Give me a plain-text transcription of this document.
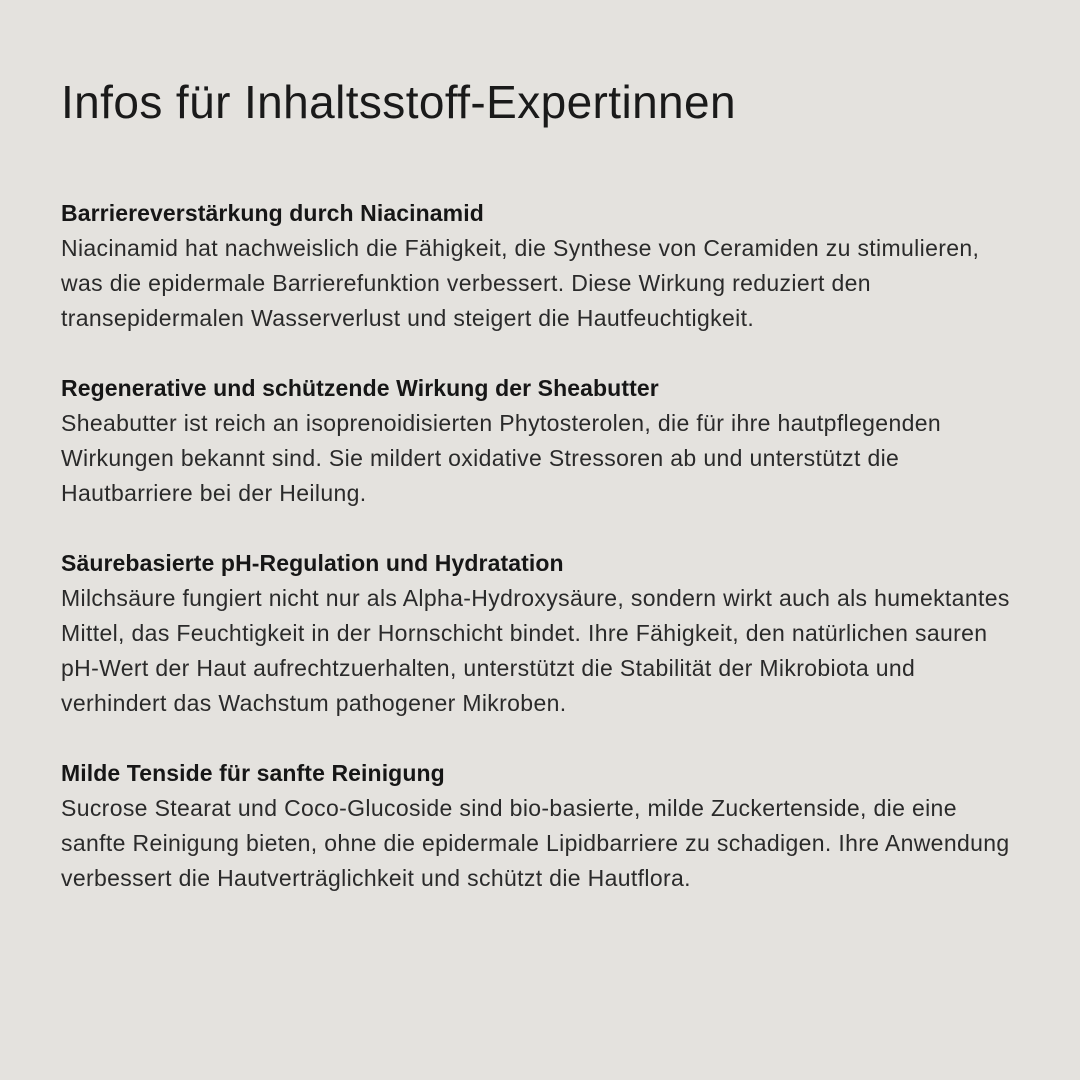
Infos für Inhaltsstoff-Expertinnen
Barriereverstärkung durch Niacinamid

Niacinamid hat nachweislich die Fähigkeit, die Synthese von Ceramiden zu stimulieren, was die epidermale Barrierefunktion verbessert. Diese Wirkung reduziert den transepidermalen Wasserverlust und steigert die Hautfeuchtigkeit.

Regenerative und schützende Wirkung der Sheabutter

Sheabutter ist reich an isoprenoidisierten Phytosterolen, die für ihre hautpflegenden Wirkungen bekannt sind. Sie mildert oxidative Stressoren ab und unterstützt die Hautbarriere bei der Heilung.

Säurebasierte pH-Regulation und Hydratation

Milchsäure fungiert nicht nur als Alpha-Hydroxysäure, sondern wirkt auch als humektantes Mittel, das Feuchtigkeit in der Hornschicht bindet. Ihre Fähigkeit, den natürlichen sauren pH-Wert der Haut aufrechtzuerhalten, unterstützt die Stabilität der Mikrobiota und verhindert das Wachstum pathogener Mikroben.

Milde Tenside für sanfte Reinigung

Sucrose Stearat und Coco-Glucoside sind bio-basierte, milde Zuckertenside, die eine sanfte Reinigung bieten, ohne die epidermale Lipidbarriere zu schadigen. Ihre Anwendung verbessert die Hautverträglichkeit und schützt die Hautflora.
